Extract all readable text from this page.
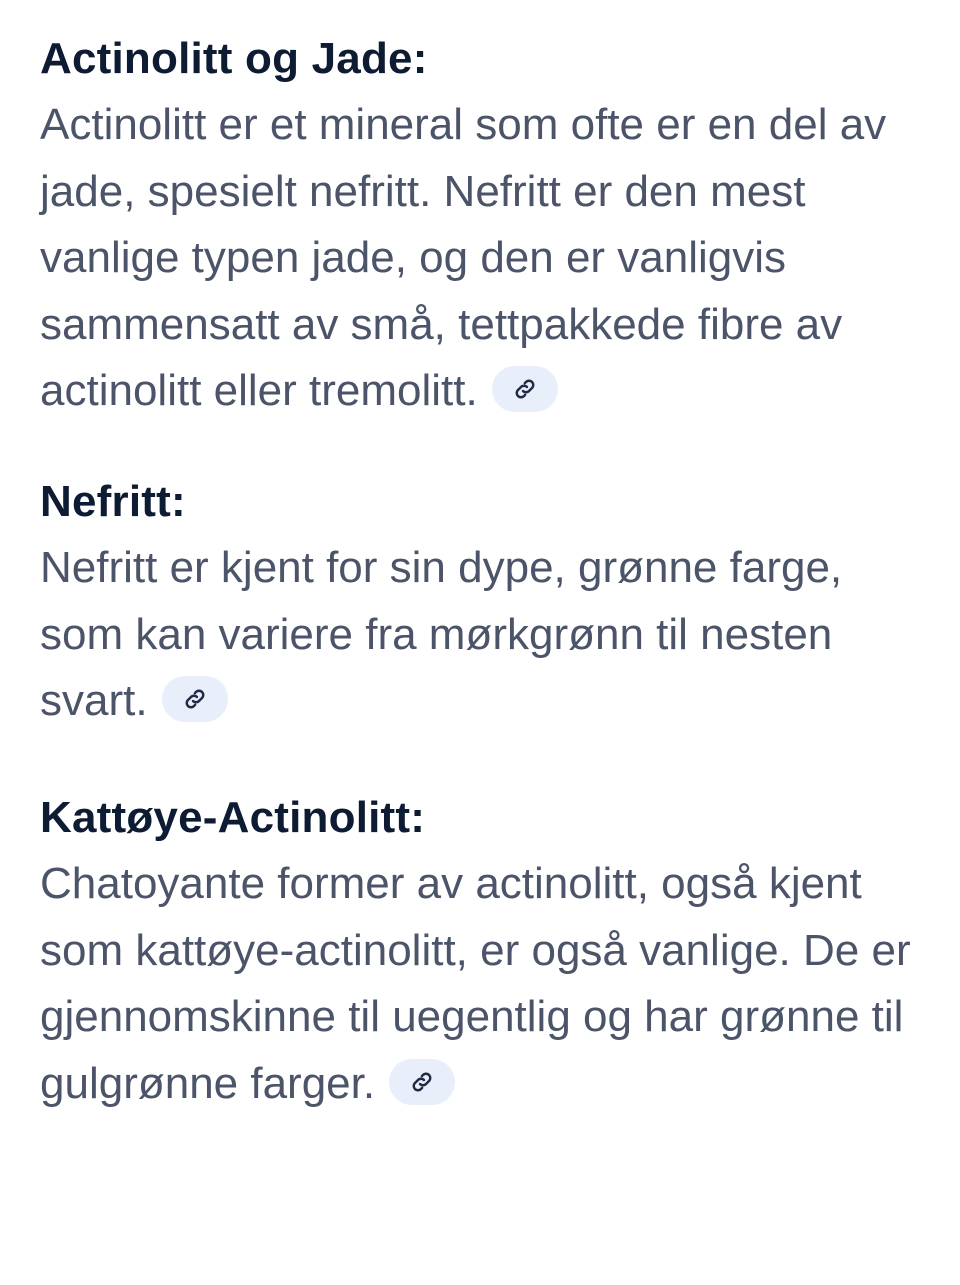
Actinolitt og Jade:

Actinolitt er et mineral som ofte er en del av jade, spesielt nefritt. Nefritt er den mest vanlige typen jade, og den er vanligvis sammensatt av små, tettpakkede fibre av actinolitt eller tremolitt.

Nefritt:

Nefritt er kjent for sin dype, grønne farge, som kan variere fra mørkgrønn til nesten svart.

Kattøye-Actinolitt:

Chatoyante former av actinolitt, også kjent som kattøye-actinolitt, er også vanlige. De er gjennomskinne til uegentlig og har grønne til gulgrønne farger.
